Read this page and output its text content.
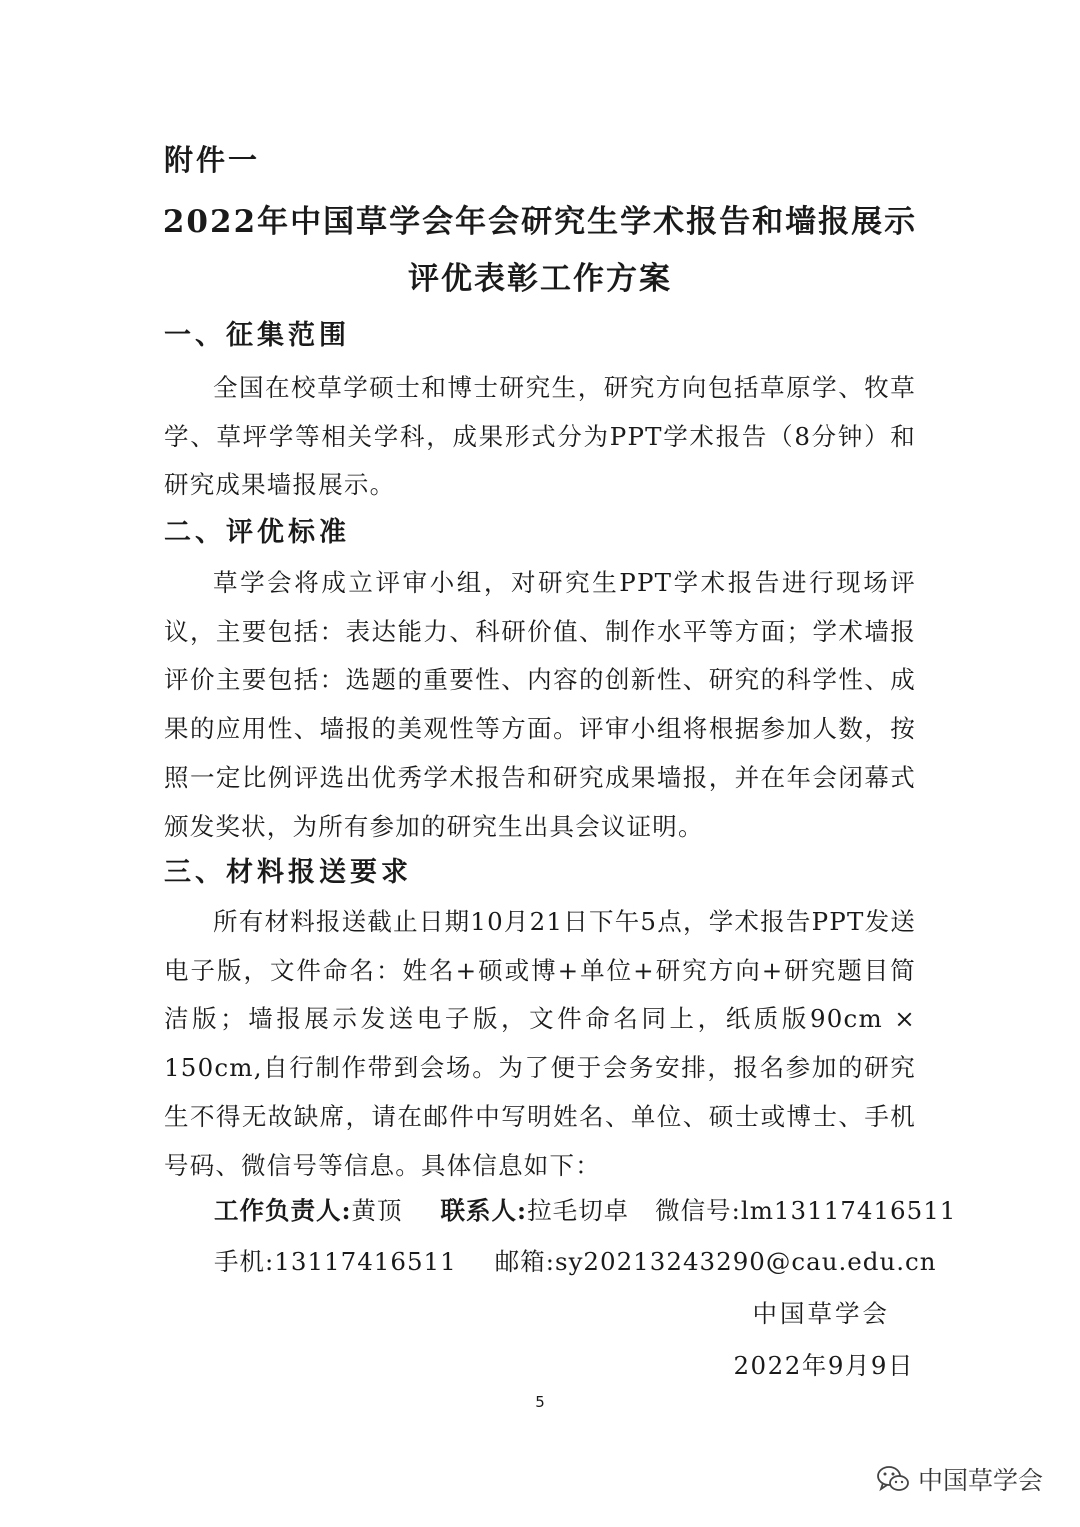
附件一
2022年中国草学会年会研究生学术报告和墙报展示
评优表彰工作方案
一、征集范围
全国在校草学硕士和博士研究生，研究方向包括草原学、牧草学、草坪学等相关学科，成果形式分为PPT学术报告（8分钟）和研究成果墙报展示。
二、评优标准
草学会将成立评审小组，对研究生PPT学术报告进行现场评议，主要包括：表达能力、科研价值、制作水平等方面；学术墙报评价主要包括：选题的重要性、内容的创新性、研究的科学性、成果的应用性、墙报的美观性等方面。评审小组将根据参加人数，按照一定比例评选出优秀学术报告和研究成果墙报，并在年会闭幕式颁发奖状，为所有参加的研究生出具会议证明。
三、材料报送要求
所有材料报送截止日期10月21日下午5点，学术报告PPT发送电子版，文件命名：姓名+硕或博+单位+研究方向+研究题目简洁版；墙报展示发送电子版，文件命名同上，纸质版90cm × 150cm,自行制作带到会场。为了便于会务安排，报名参加的研究生不得无故缺席，请在邮件中写明姓名、单位、硕士或博士、手机号码、微信号等信息。具体信息如下：
工作负责人:黄顶 联系人:拉毛切卓 微信号:lm13117416511
手机:13117416511 邮箱:sy20213243290@cau.edu.cn
中国草学会
2022年9月9日
5
中国草学会
